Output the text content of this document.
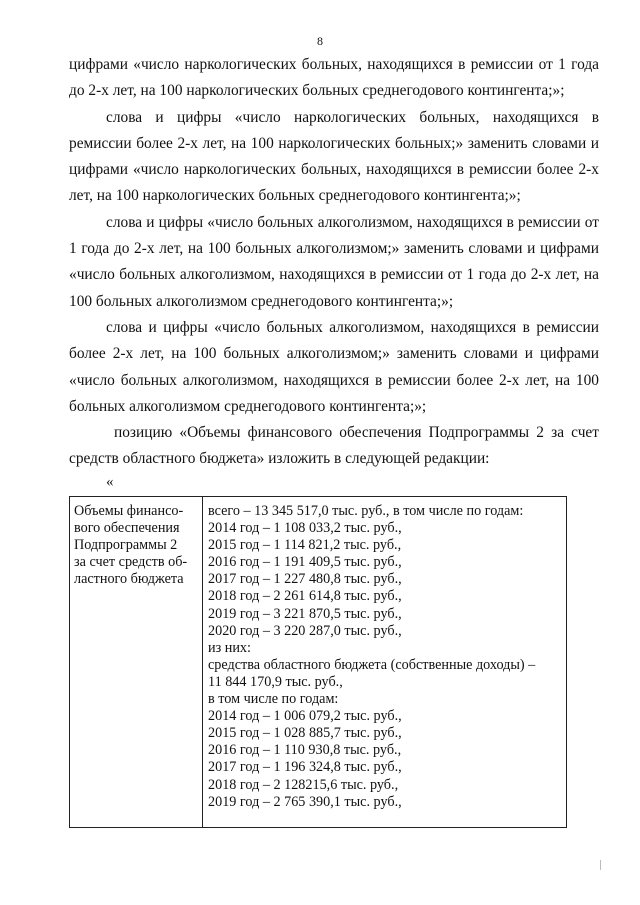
8

цифрами «число наркологических больных, находящихся в ремиссии от 1 года до 2-х лет, на 100 наркологических больных среднегодового контингента;»;

слова и цифры «число наркологических больных, находящихся в ремиссии более 2-х лет, на 100 наркологических больных;» заменить словами и цифрами «число наркологических больных, находящихся в ремиссии более 2-х лет, на 100 наркологических больных среднегодового контингента;»;

слова и цифры «число больных алкоголизмом, находящихся в ремиссии от 1 года до 2-х лет, на 100 больных алкоголизмом;» заменить словами и цифрами «число больных алкоголизмом, находящихся в ремиссии от 1 года до 2-х лет, на 100 больных алкоголизмом среднегодового контингента;»;

слова и цифры «число больных алкоголизмом, находящихся в ремиссии более 2-х лет, на 100 больных алкоголизмом;» заменить словами и цифрами «число больных алкоголизмом, находящихся в ремиссии более 2-х лет, на 100 больных алкоголизмом среднегодового контингента;»;

позицию «Объемы финансового обеспечения Подпрограммы 2 за счет средств областного бюджета» изложить в следующей редакции:

«
Объемы финансо-
вого обеспечения
Подпрограммы 2
за счет средств об-
ластного бюджета
всего – 13 345 517,0 тыс. руб., в том числе по годам:
2014 год – 1 108 033,2 тыс. руб.,
2015 год – 1 114 821,2 тыс. руб.,
2016 год – 1 191 409,5 тыс. руб.,
2017 год – 1 227 480,8 тыс. руб.,
2018 год – 2 261 614,8 тыс. руб.,
2019 год – 3 221 870,5 тыс. руб.,
2020 год – 3 220 287,0 тыс. руб.,
из них:
средства областного бюджета (собственные доходы) –
11 844 170,9 тыс. руб.,
в том числе по годам:
2014 год – 1 006 079,2 тыс. руб.,
2015 год – 1 028 885,7 тыс. руб.,
2016 год – 1 110 930,8 тыс. руб.,
2017 год – 1 196 324,8 тыс. руб.,
2018 год – 2 128215,6 тыс. руб.,
2019 год – 2 765 390,1 тыс. руб.,
